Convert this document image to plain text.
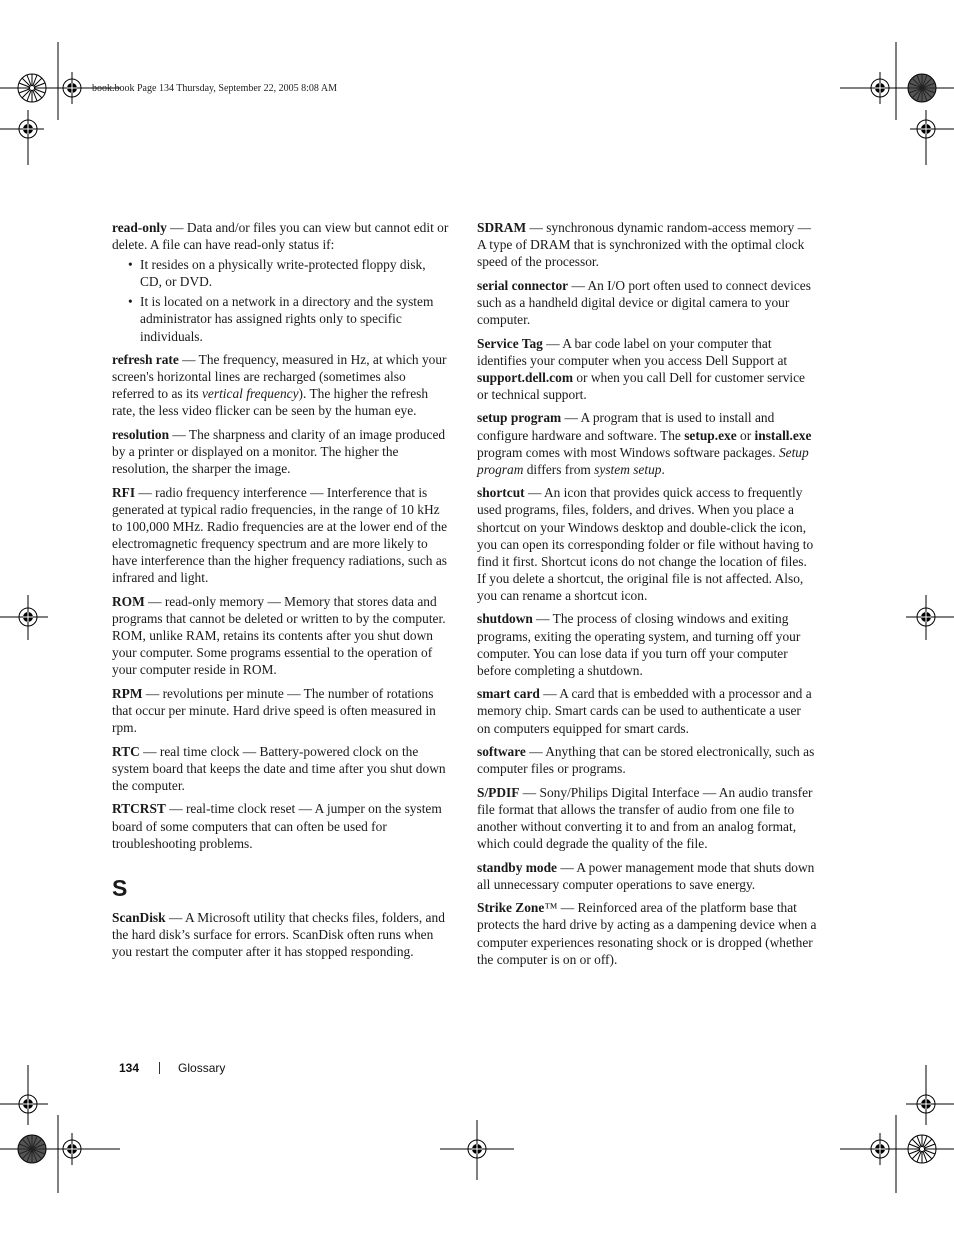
book.book Page 134 Thursday, September 22, 2005 8:08 AM
read-only — Data and/or files you can view but cannot edit or delete. A file can have read-only status if:
• It resides on a physically write-protected floppy disk, CD, or DVD.
• It is located on a network in a directory and the system administrator has assigned rights only to specific individuals.
refresh rate — The frequency, measured in Hz, at which your screen's horizontal lines are recharged (sometimes also referred to as its vertical frequency). The higher the refresh rate, the less video flicker can be seen by the human eye.
resolution — The sharpness and clarity of an image produced by a printer or displayed on a monitor. The higher the resolution, the sharper the image.
RFI — radio frequency interference — Interference that is generated at typical radio frequencies, in the range of 10 kHz to 100,000 MHz. Radio frequencies are at the lower end of the electromagnetic frequency spectrum and are more likely to have interference than the higher frequency radiations, such as infrared and light.
ROM — read-only memory — Memory that stores data and programs that cannot be deleted or written to by the computer. ROM, unlike RAM, retains its contents after you shut down your computer. Some programs essential to the operation of your computer reside in ROM.
RPM — revolutions per minute — The number of rotations that occur per minute. Hard drive speed is often measured in rpm.
RTC — real time clock — Battery-powered clock on the system board that keeps the date and time after you shut down the computer.
RTCRST — real-time clock reset — A jumper on the system board of some computers that can often be used for troubleshooting problems.
S
ScanDisk — A Microsoft utility that checks files, folders, and the hard disk’s surface for errors. ScanDisk often runs when you restart the computer after it has stopped responding.
SDRAM — synchronous dynamic random-access memory — A type of DRAM that is synchronized with the optimal clock speed of the processor.
serial connector — An I/O port often used to connect devices such as a handheld digital device or digital camera to your computer.
Service Tag — A bar code label on your computer that identifies your computer when you access Dell Support at support.dell.com or when you call Dell for customer service or technical support.
setup program — A program that is used to install and configure hardware and software. The setup.exe or install.exe program comes with most Windows software packages. Setup program differs from system setup.
shortcut — An icon that provides quick access to frequently used programs, files, folders, and drives. When you place a shortcut on your Windows desktop and double-click the icon, you can open its corresponding folder or file without having to find it first. Shortcut icons do not change the location of files. If you delete a shortcut, the original file is not affected. Also, you can rename a shortcut icon.
shutdown — The process of closing windows and exiting programs, exiting the operating system, and turning off your computer. You can lose data if you turn off your computer before completing a shutdown.
smart card — A card that is embedded with a processor and a memory chip. Smart cards can be used to authenticate a user on computers equipped for smart cards.
software — Anything that can be stored electronically, such as computer files or programs.
S/PDIF — Sony/Philips Digital Interface — An audio transfer file format that allows the transfer of audio from one file to another without converting it to and from an analog format, which could degrade the quality of the file.
standby mode — A power management mode that shuts down all unnecessary computer operations to save energy.
Strike Zone™ — Reinforced area of the platform base that protects the hard drive by acting as a dampening device when a computer experiences resonating shock or is dropped (whether the computer is on or off).
134	Glossary
